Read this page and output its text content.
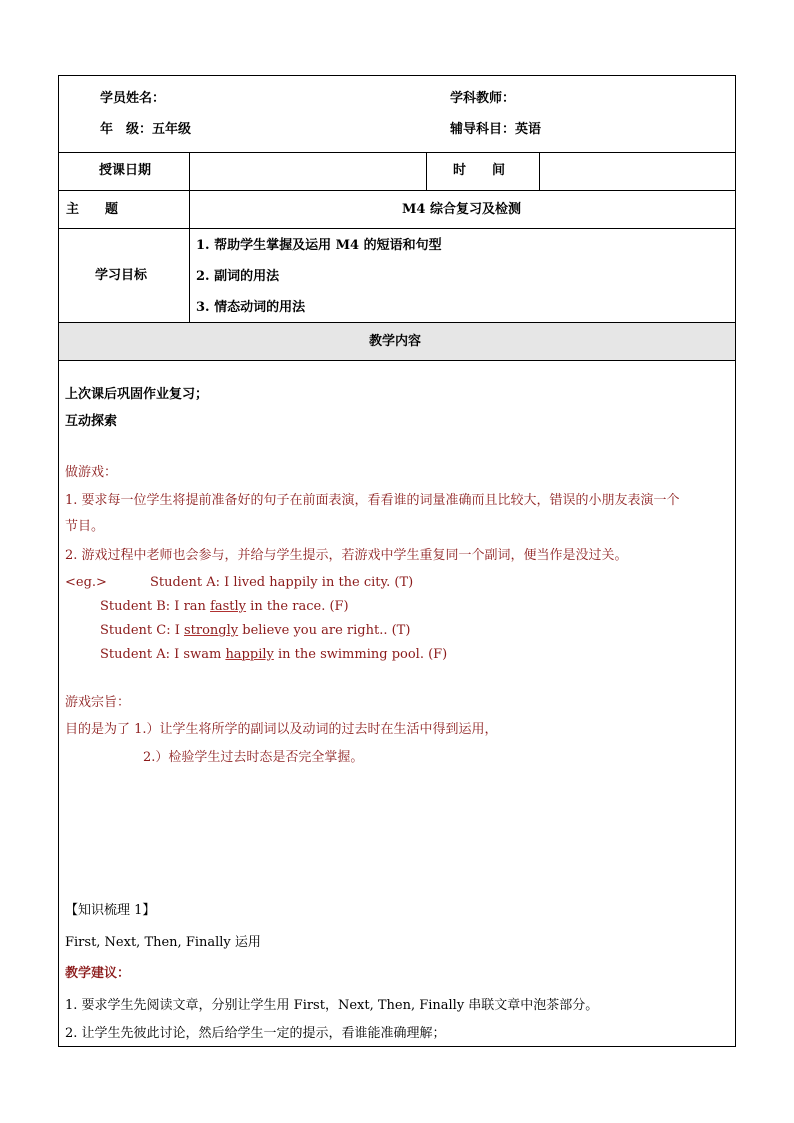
学员姓名：	学科教师：
年　级：五年级	辅导科目：英语
授课日期	时　　间
主　　题	M4 综合复习及检测
学习目标
1. 帮助学生掌握及运用 M4 的短语和句型
2. 副词的用法
3. 情态动词的用法
教学内容
上次课后巩固作业复习；
互动探索
做游戏：
1. 要求每一位学生将提前准备好的句子在前面表演，看看谁的词量准确而且比较大，错误的小朋友表演一个
节目。
2. 游戏过程中老师也会参与，并给与学生提示，若游戏中学生重复同一个副词，便当作是没过关。
<eg.>	Student A: I lived happily in the city. (T)
Student B: I ran fastly in the race. (F)
Student C: I strongly believe you are right.. (T)
Student A: I swam happily in the swimming pool. (F)
游戏宗旨：
目的是为了 1.）让学生将所学的副词以及动词的过去时在生活中得到运用，
2.）检验学生过去时态是否完全掌握。
【知识梳理 1】
First, Next, Then, Finally 运用
教学建议：
1. 要求学生先阅读文章，分别让学生用 First，Next, Then, Finally 串联文章中泡茶部分。
2. 让学生先彼此讨论，然后给学生一定的提示，看谁能准确理解；
